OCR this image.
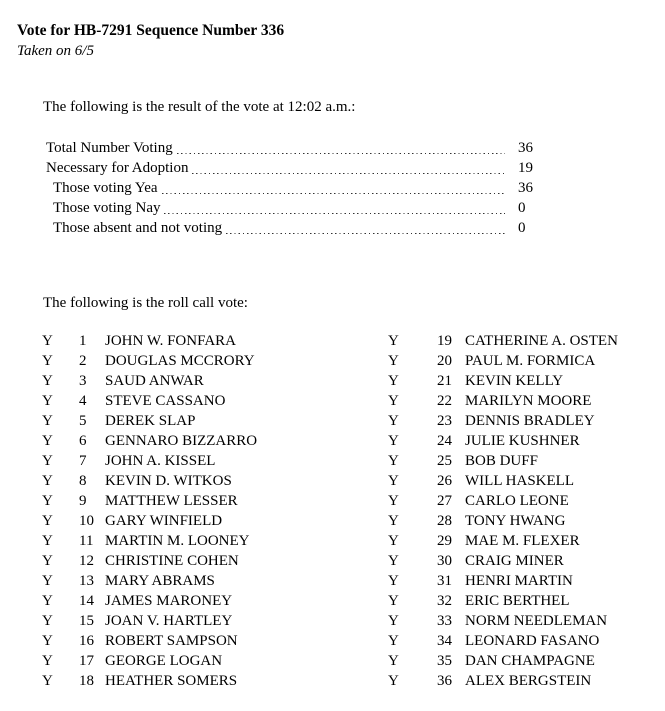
Vote for HB-7291 Sequence Number 336
Taken on 6/5
The following is the result of the vote at 12:02 a.m.:
Total Number Voting	36
Necessary for Adoption	19
Those voting Yea	36
Those voting Nay	0
Those absent and not voting	0
The following is the roll call vote:
Y	1	JOHN W. FONFARA
Y	2	DOUGLAS MCCRORY
Y	3	SAUD ANWAR
Y	4	STEVE CASSANO
Y	5	DEREK SLAP
Y	6	GENNARO BIZZARRO
Y	7	JOHN A. KISSEL
Y	8	KEVIN D. WITKOS
Y	9	MATTHEW LESSER
Y	10 GARY WINFIELD
Y	11 MARTIN M. LOONEY
Y	12 CHRISTINE COHEN
Y	13 MARY ABRAMS
Y	14 JAMES MARONEY
Y	15 JOAN V. HARTLEY
Y	16 ROBERT SAMPSON
Y	17 GEORGE LOGAN
Y	18 HEATHER SOMERS
Y	19 CATHERINE A. OSTEN
Y	20 PAUL M. FORMICA
Y	21 KEVIN KELLY
Y	22 MARILYN MOORE
Y	23 DENNIS BRADLEY
Y	24 JULIE KUSHNER
Y	25 BOB DUFF
Y	26 WILL HASKELL
Y	27 CARLO LEONE
Y	28 TONY HWANG
Y	29 MAE M. FLEXER
Y	30 CRAIG MINER
Y	31 HENRI MARTIN
Y	32 ERIC BERTHEL
Y	33 NORM NEEDLEMAN
Y	34 LEONARD FASANO
Y	35 DAN CHAMPAGNE
Y	36 ALEX BERGSTEIN
